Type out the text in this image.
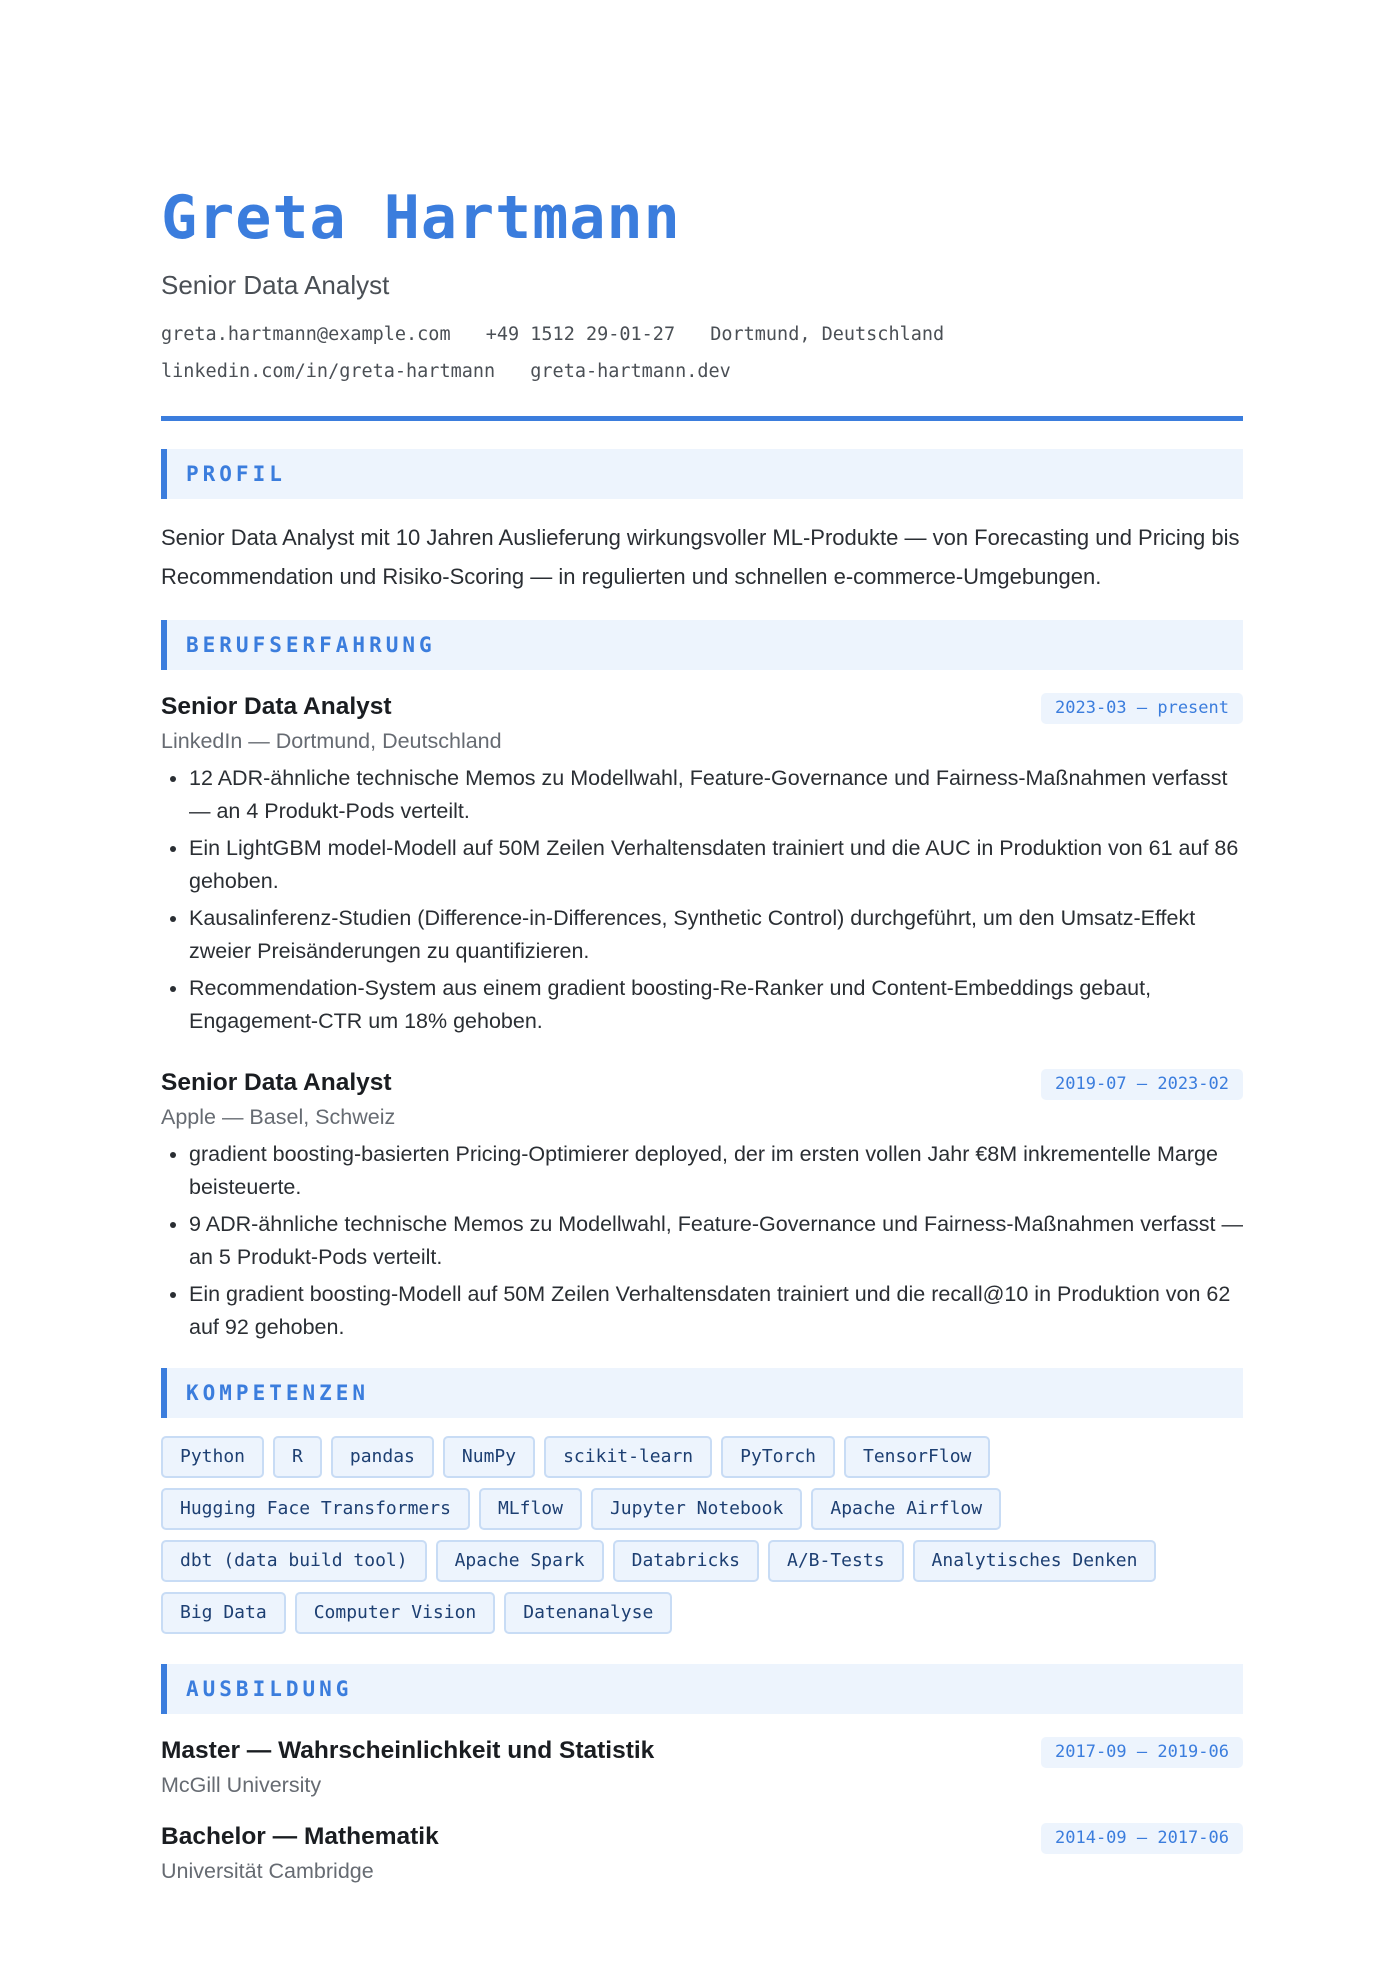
Greta Hartmann
Senior Data Analyst
greta.hartmann@example.com +49 1512 29-01-27 Dortmund, Deutschland
linkedin.com/in/greta-hartmann greta-hartmann.dev
PROFIL
Senior Data Analyst mit 10 Jahren Auslieferung wirkungsvoller ML-Produkte — von Forecasting und Pricing bis Recommendation und Risiko-Scoring — in regulierten und schnellen e-commerce-Umgebungen.
BERUFSERFAHRUNG
Senior Data Analyst	2023-03 – present
LinkedIn — Dortmund, Deutschland
• 12 ADR-ähnliche technische Memos zu Modellwahl, Feature-Governance und Fairness-Maßnahmen verfasst — an 4 Produkt-Pods verteilt.
• Ein LightGBM model-Modell auf 50M Zeilen Verhaltensdaten trainiert und die AUC in Produktion von 61 auf 86 gehoben.
• Kausalinferenz-Studien (Difference-in-Differences, Synthetic Control) durchgeführt, um den Umsatz-Effekt zweier Preisänderungen zu quantifizieren.
• Recommendation-System aus einem gradient boosting-Re-Ranker und Content-Embeddings gebaut, Engagement-CTR um 18% gehoben.
Senior Data Analyst	2019-07 – 2023-02
Apple — Basel, Schweiz
• gradient boosting-basierten Pricing-Optimierer deployed, der im ersten vollen Jahr €8M inkrementelle Marge beisteuerte.
• 9 ADR-ähnliche technische Memos zu Modellwahl, Feature-Governance und Fairness-Maßnahmen verfasst — an 5 Produkt-Pods verteilt.
• Ein gradient boosting-Modell auf 50M Zeilen Verhaltensdaten trainiert und die recall@10 in Produktion von 62 auf 92 gehoben.
KOMPETENZEN
Python	R	pandas	NumPy	scikit-learn	PyTorch	TensorFlow
Hugging Face Transformers	MLflow	Jupyter Notebook	Apache Airflow
dbt (data build tool)	Apache Spark	Databricks	A/B-Tests	Analytisches Denken
Big Data	Computer Vision	Datenanalyse
AUSBILDUNG
Master — Wahrscheinlichkeit und Statistik	2017-09 – 2019-06
McGill University
Bachelor — Mathematik	2014-09 – 2017-06
Universität Cambridge
